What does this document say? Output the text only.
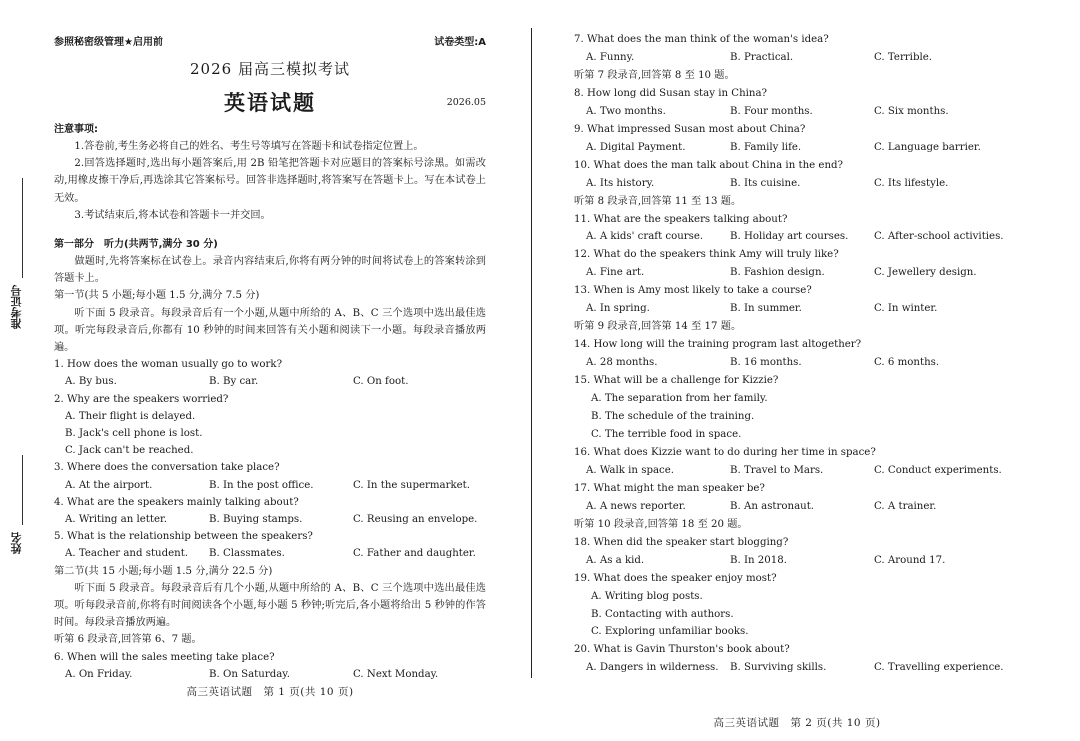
准考证号
姓名
参照秘密级管理★启用前	试卷类型:A
2026 届高三模拟考试
英语试题	2026.05
注意事项:
1.答卷前,考生务必将自己的姓名、考生号等填写在答题卡和试卷指定位置上。
2.回答选择题时,选出每小题答案后,用 2B 铅笔把答题卡对应题目的答案标号涂黑。如需改动,用橡皮擦干净后,再选涂其它答案标号。回答非选择题时,将答案写在答题卡上。写在本试卷上无效。
3.考试结束后,将本试卷和答题卡一并交回。
第一部分　听力(共两节,满分 30 分)
做题时,先将答案标在试卷上。录音内容结束后,你将有两分钟的时间将试卷上的答案转涂到答题卡上。
第一节(共 5 小题;每小题 1.5 分,满分 7.5 分)
听下面 5 段录音。每段录音后有一个小题,从题中所给的 A、B、C 三个选项中选出最佳选项。听完每段录音后,你都有 10 秒钟的时间来回答有关小题和阅读下一小题。每段录音播放两遍。
1. How does the woman usually go to work?
A. By bus.	B. By car.	C. On foot.
2. Why are the speakers worried?
A. Their flight is delayed.
B. Jack's cell phone is lost.
C. Jack can't be reached.
3. Where does the conversation take place?
A. At the airport.	B. In the post office.	C. In the supermarket.
4. What are the speakers mainly talking about?
A. Writing an letter.	B. Buying stamps.	C. Reusing an envelope.
5. What is the relationship between the speakers?
A. Teacher and student.	B. Classmates.	C. Father and daughter.
第二节(共 15 小题;每小题 1.5 分,满分 22.5 分)
听下面 5 段录音。每段录音后有几个小题,从题中所给的 A、B、C 三个选项中选出最佳选项。听每段录音前,你将有时间阅读各个小题,每小题 5 秒钟;听完后,各小题将给出 5 秒钟的作答时间。每段录音播放两遍。
听第 6 段录音,回答第 6、7 题。
6. When will the sales meeting take place?
A. On Friday.	B. On Saturday.	C. Next Monday.
高三英语试题　第 1 页(共 10 页)
7. What does the man think of the woman's idea?
A. Funny.	B. Practical.	C. Terrible.
听第 7 段录音,回答第 8 至 10 题。
8. How long did Susan stay in China?
A. Two months.	B. Four months.	C. Six months.
9. What impressed Susan most about China?
A. Digital Payment.	B. Family life.	C. Language barrier.
10. What does the man talk about China in the end?
A. Its history.	B. Its cuisine.	C. Its lifestyle.
听第 8 段录音,回答第 11 至 13 题。
11. What are the speakers talking about?
A. A kids' craft course.	B. Holiday art courses.	C. After-school activities.
12. What do the speakers think Amy will truly like?
A. Fine art.	B. Fashion design.	C. Jewellery design.
13. When is Amy most likely to take a course?
A. In spring.	B. In summer.	C. In winter.
听第 9 段录音,回答第 14 至 17 题。
14. How long will the training program last altogether?
A. 28 months.	B. 16 months.	C. 6 months.
15. What will be a challenge for Kizzie?
A. The separation from her family.
B. The schedule of the training.
C. The terrible food in space.
16. What does Kizzie want to do during her time in space?
A. Walk in space.	B. Travel to Mars.	C. Conduct experiments.
17. What might the man speaker be?
A. A news reporter.	B. An astronaut.	C. A trainer.
听第 10 段录音,回答第 18 至 20 题。
18. When did the speaker start blogging?
A. As a kid.	B. In 2018.	C. Around 17.
19. What does the speaker enjoy most?
A. Writing blog posts.
B. Contacting with authors.
C. Exploring unfamiliar books.
20. What is Gavin Thurston's book about?
A. Dangers in wilderness.	B. Surviving skills.	C. Travelling experience.
高三英语试题　第 2 页(共 10 页)
